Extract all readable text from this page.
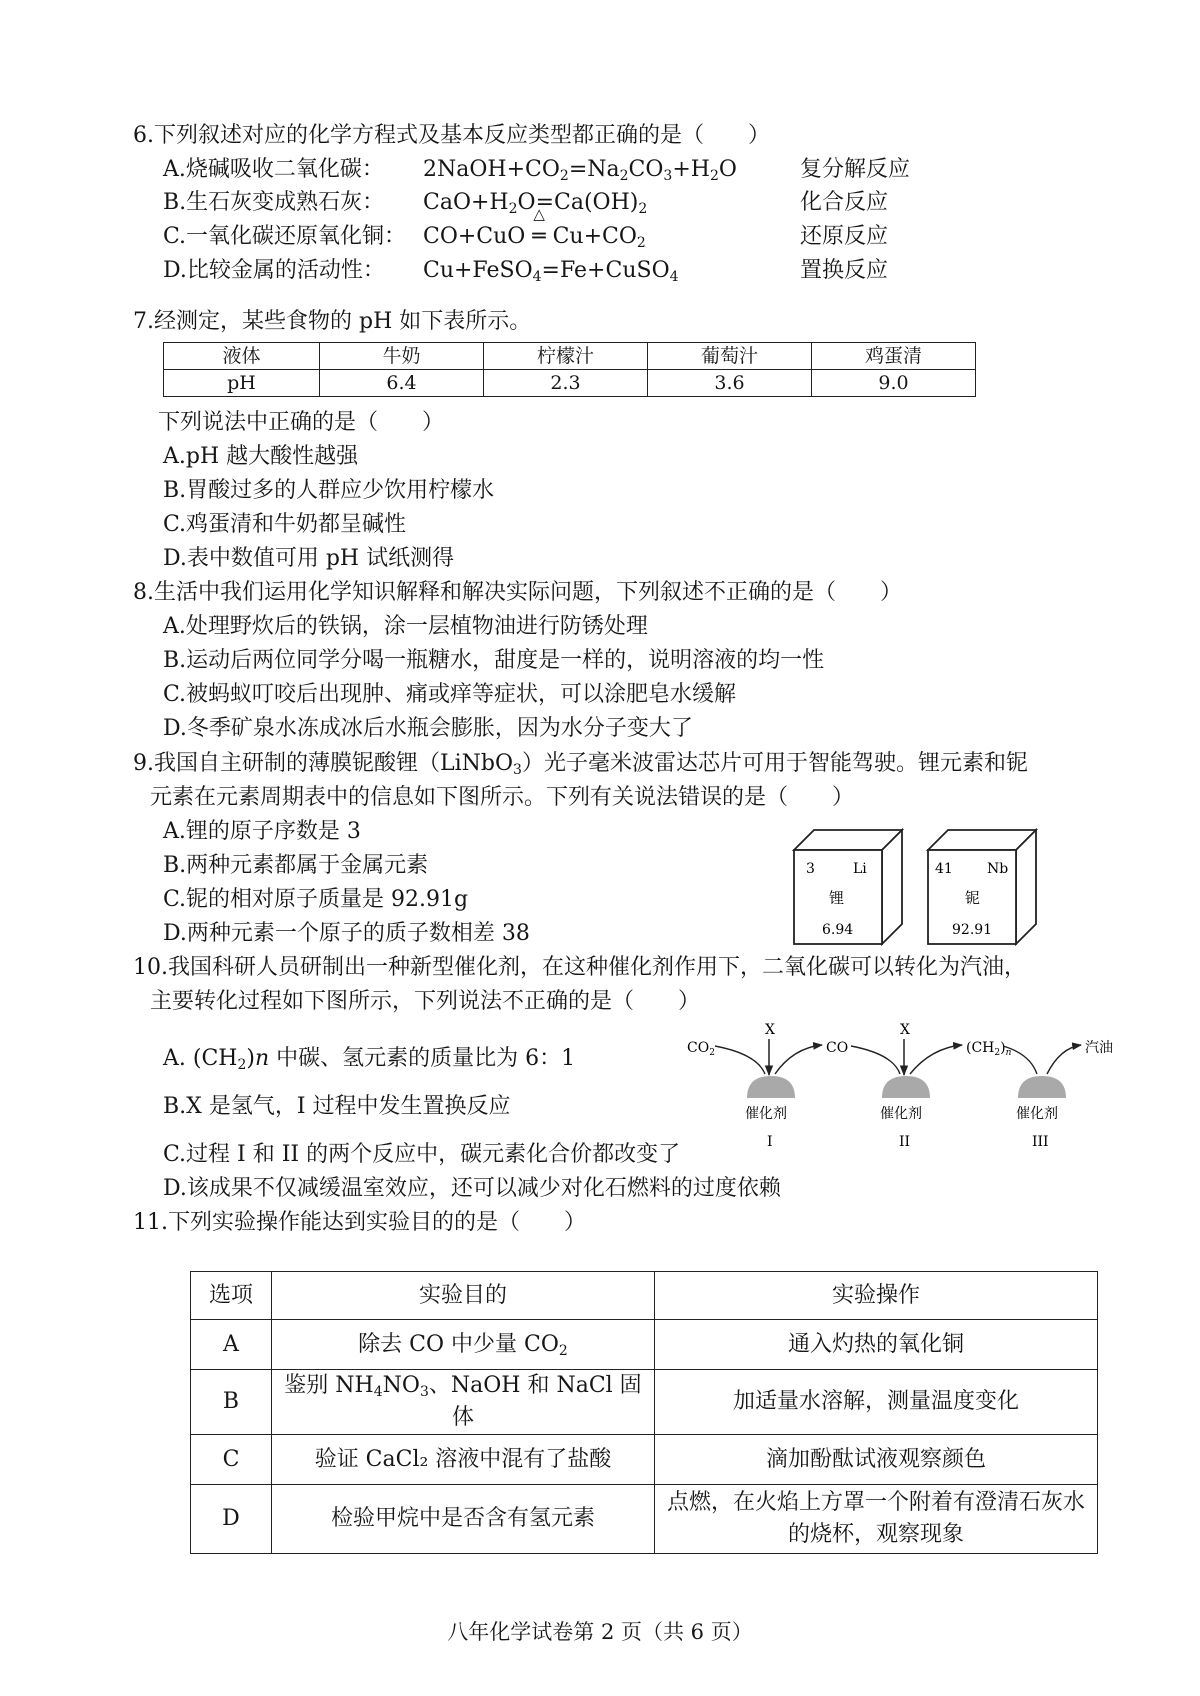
6.下列叙述对应的化学方程式及基本反应类型都正确的是（　　）
A.烧碱吸收二氧化碳： $2NaOH+CO_2=Na_2CO_3+H_2O$	复分解反应
B.生石灰变成熟石灰： $CaO+H_2O=Ca(OH)_2$	化合反应
C.一氧化碳还原氧化铜： CO+CuO △ ═ $Cu+CO_2$	还原反应
D.比较金属的活动性： Cu+FeSO$_4$=Fe+CuSO$_4$	置换反应
7.经测定，某些食物的 pH 如下表所示。
液体	牛奶	柠檬汁	葡萄汁	鸡蛋清
pH	6.4	2.3	3.6	9.0
下列说法中正确的是（　　）
A.pH 越大酸性越强
B.胃酸过多的人群应少饮用柠檬水
C.鸡蛋清和牛奶都呈碱性
D.表中数值可用 pH 试纸测得
8.生活中我们运用化学知识解释和解决实际问题，下列叙述不正确的是（　　）
A.处理野炊后的铁锅，涂一层植物油进行防锈处理
B.运动后两位同学分喝一瓶糖水，甜度是一样的，说明溶液的均一性
C.被蚂蚁叮咬后出现肿、痛或痒等症状，可以涂肥皂水缓解
D.冬季矿泉水冻成冰后水瓶会膨胀，因为水分子变大了
9.我国自主研制的薄膜铌酸锂（LiNbO$_3$）光子毫米波雷达芯片可用于智能驾驶。锂元素和铌
元素在元素周期表中的信息如下图所示。下列有关说法错误的是（　　）
A.锂的原子序数是 3
B.两种元素都属于金属元素
C.铌的相对原子质量是 92.91g
D.两种元素一个原子的质子数相差 38
3	Li
锂
6.94
41 Nb
铌
92.91
10.我国科研人员研制出一种新型催化剂，在这种催化剂作用下，二氧化碳可以转化为汽油，
主要转化过程如下图所示，下列说法不正确的是（　　）
A. $(CH_2)n$ 中碳、氢元素的质量比为 6：1
B.X 是氢气，I 过程中发生置换反应
C.过程 I 和 II 的两个反应中，碳元素化合价都改变了
D.该成果不仅减缓温室效应，还可以减少对化石燃料的过度依赖
X	X
$CO_2$	CO	$(CH_2)_n$	汽油
催化剂	催化剂	催化剂
I	II	III
11.下列实验操作能达到实验目的的是（　　）
选项	实验目的	实验操作
A	除去 CO 中少量 $CO_2$	通入灼热的氧化铜
B	鉴别 $NH_4NO_3$、NaOH 和 NaCl 固体	加适量水溶解，测量温度变化
C	验证 CaCl₂ 溶液中混有了盐酸	滴加酚酞试液观察颜色
D	检验甲烷中是否含有氢元素	点燃，在火焰上方罩一个附着有澄清石灰水的烧杯，观察现象
八年化学试卷第 2 页（共 6 页）
